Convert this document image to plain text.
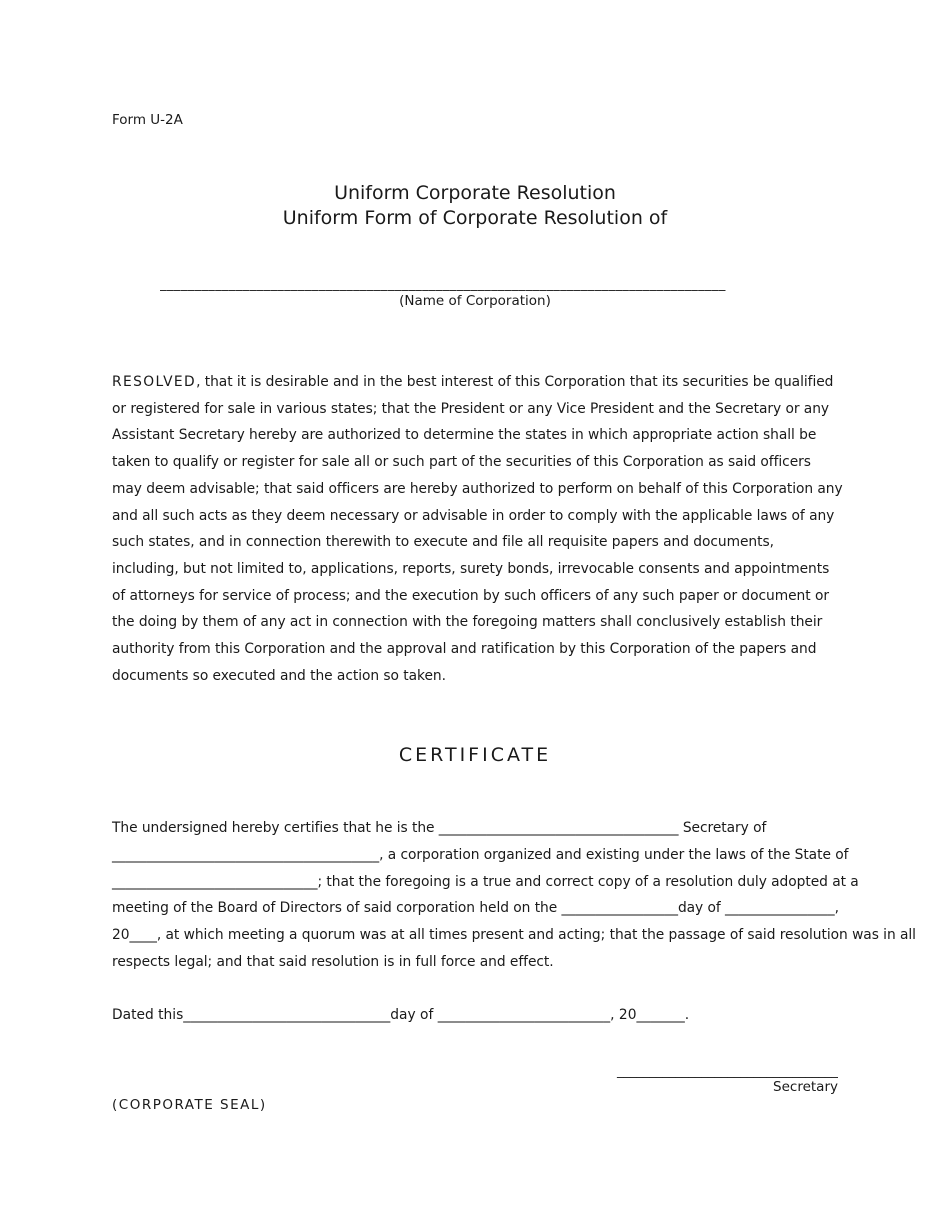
Form U-2A
Uniform Corporate Resolution
Uniform Form of Corporate Resolution of
__________________________________________________________________________________
(Name of Corporation)

RESOLVED, that it is desirable and in the best interest of this Corporation that its securities be qualified or registered for sale in various states; that the President or any Vice President and the Secretary or any Assistant Secretary hereby are authorized to determine the states in which appropriate action shall be taken to qualify or register for sale all or such part of the securities of this Corporation as said officers may deem advisable; that said officers are hereby authorized to perform on behalf of this Corporation any and all such acts as they deem necessary or advisable in order to comply with the applicable laws of any such states, and in connection therewith to execute and file all requisite papers and documents, including, but not limited to, applications, reports, surety bonds, irrevocable consents and appointments of attorneys for service of process; and the execution by such officers of any such paper or document or the doing by them of any act in connection with the foregoing matters shall conclusively establish their authority from this Corporation and the approval and ratification by this Corporation of the papers and documents so executed and the action so taken.

CERTIFICATE
The undersigned hereby certifies that he is the ___________________________________ Secretary of
_______________________________________, a corporation organized and existing under the laws of the State of
______________________________; that the foregoing is a true and correct copy of a resolution duly adopted at a
meeting of the Board of Directors of said corporation held on the _________________day of ________________,
20____, at which meeting a quorum was at all times present and acting; that the passage of said resolution was in all
respects legal; and that said resolution is in full force and effect.
Dated this______________________________day of _________________________, 20_______.
__________________________________
Secretary
(CORPORATE SEAL)
